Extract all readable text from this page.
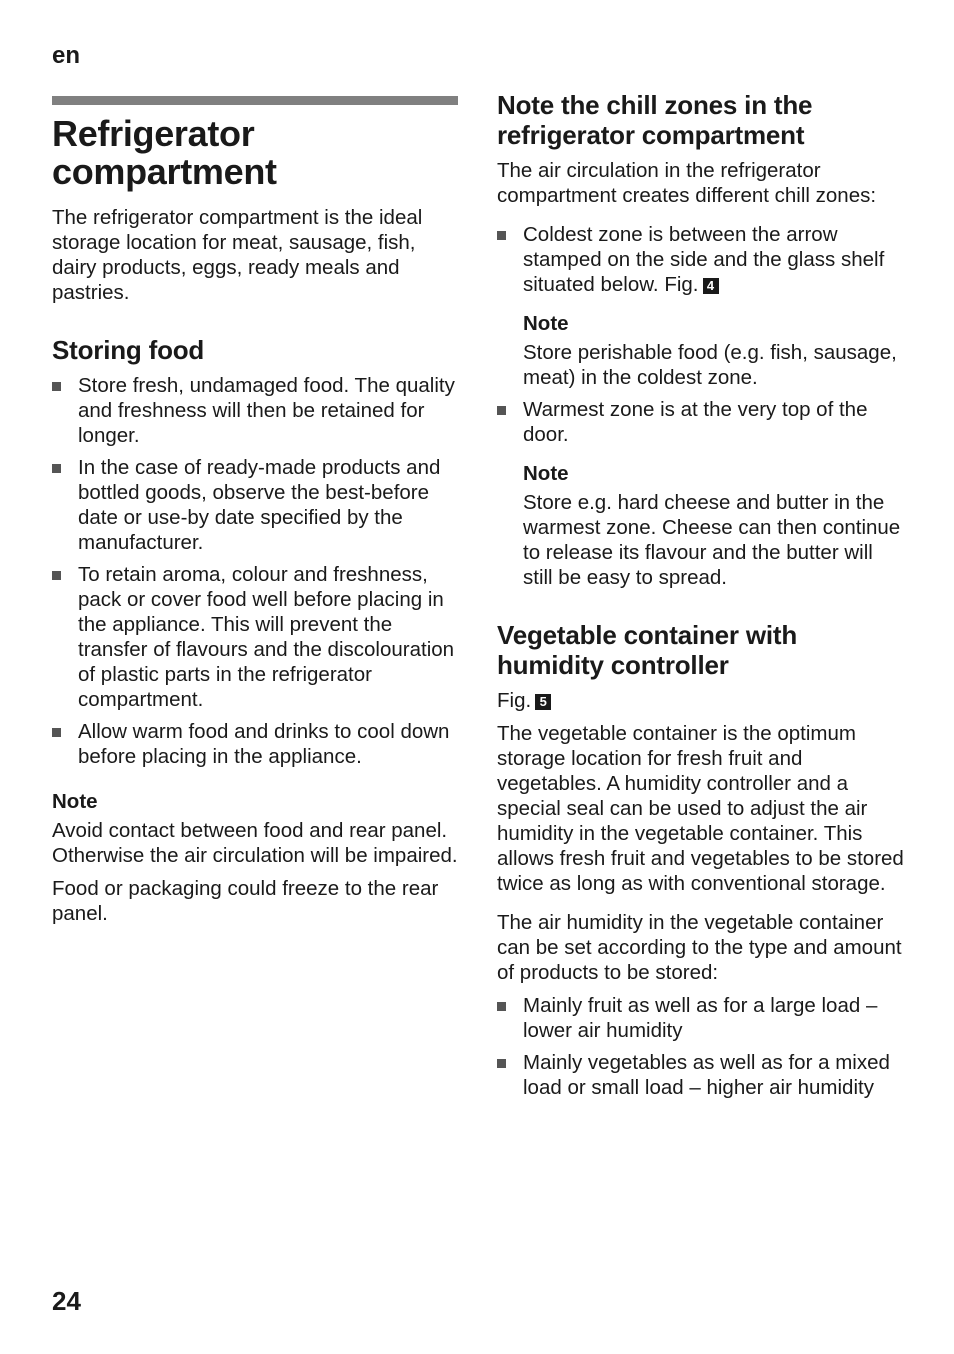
en
Refrigerator compartment

The refrigerator compartment is the ideal storage location for meat, sausage, fish, dairy products, eggs, ready meals and pastries.

Storing food
Store fresh, undamaged food. The quality and freshness will then be retained for longer.
In the case of ready-made products and bottled goods, observe the best-before date or use-by date specified by the manufacturer.
To retain aroma, colour and freshness, pack or cover food well before placing in the appliance. This will prevent the transfer of flavours and the discolouration of plastic parts in the refrigerator compartment.
Allow warm food and drinks to cool down before placing in the appliance.
Note

Avoid contact between food and rear panel. Otherwise the air circulation will be impaired.

Food or packaging could freeze to the rear panel.

Note the chill zones in the refrigerator compartment

The air circulation in the refrigerator compartment creates different chill zones:

Coldest zone is between the arrow stamped on the side and the glass shelf situated below. Fig. 4
Note

Store perishable food (e.g. fish, sausage, meat) in the coldest zone.

Warmest zone is at the very top of the door.
Note

Store e.g. hard cheese and butter in the warmest zone. Cheese can then continue to release its flavour and the butter will still be easy to spread.

Vegetable container with humidity controller

Fig. 5

The vegetable container is the optimum storage location for fresh fruit and vegetables. A humidity controller and a special seal can be used to adjust the air humidity in the vegetable container. This allows fresh fruit and vegetables to be stored twice as long as with conventional storage.

The air humidity in the vegetable container can be set according to the type and amount of products to be stored:

Mainly fruit as well as for a large load – lower air humidity
Mainly vegetables as well as for a mixed load or small load – higher air humidity
24
